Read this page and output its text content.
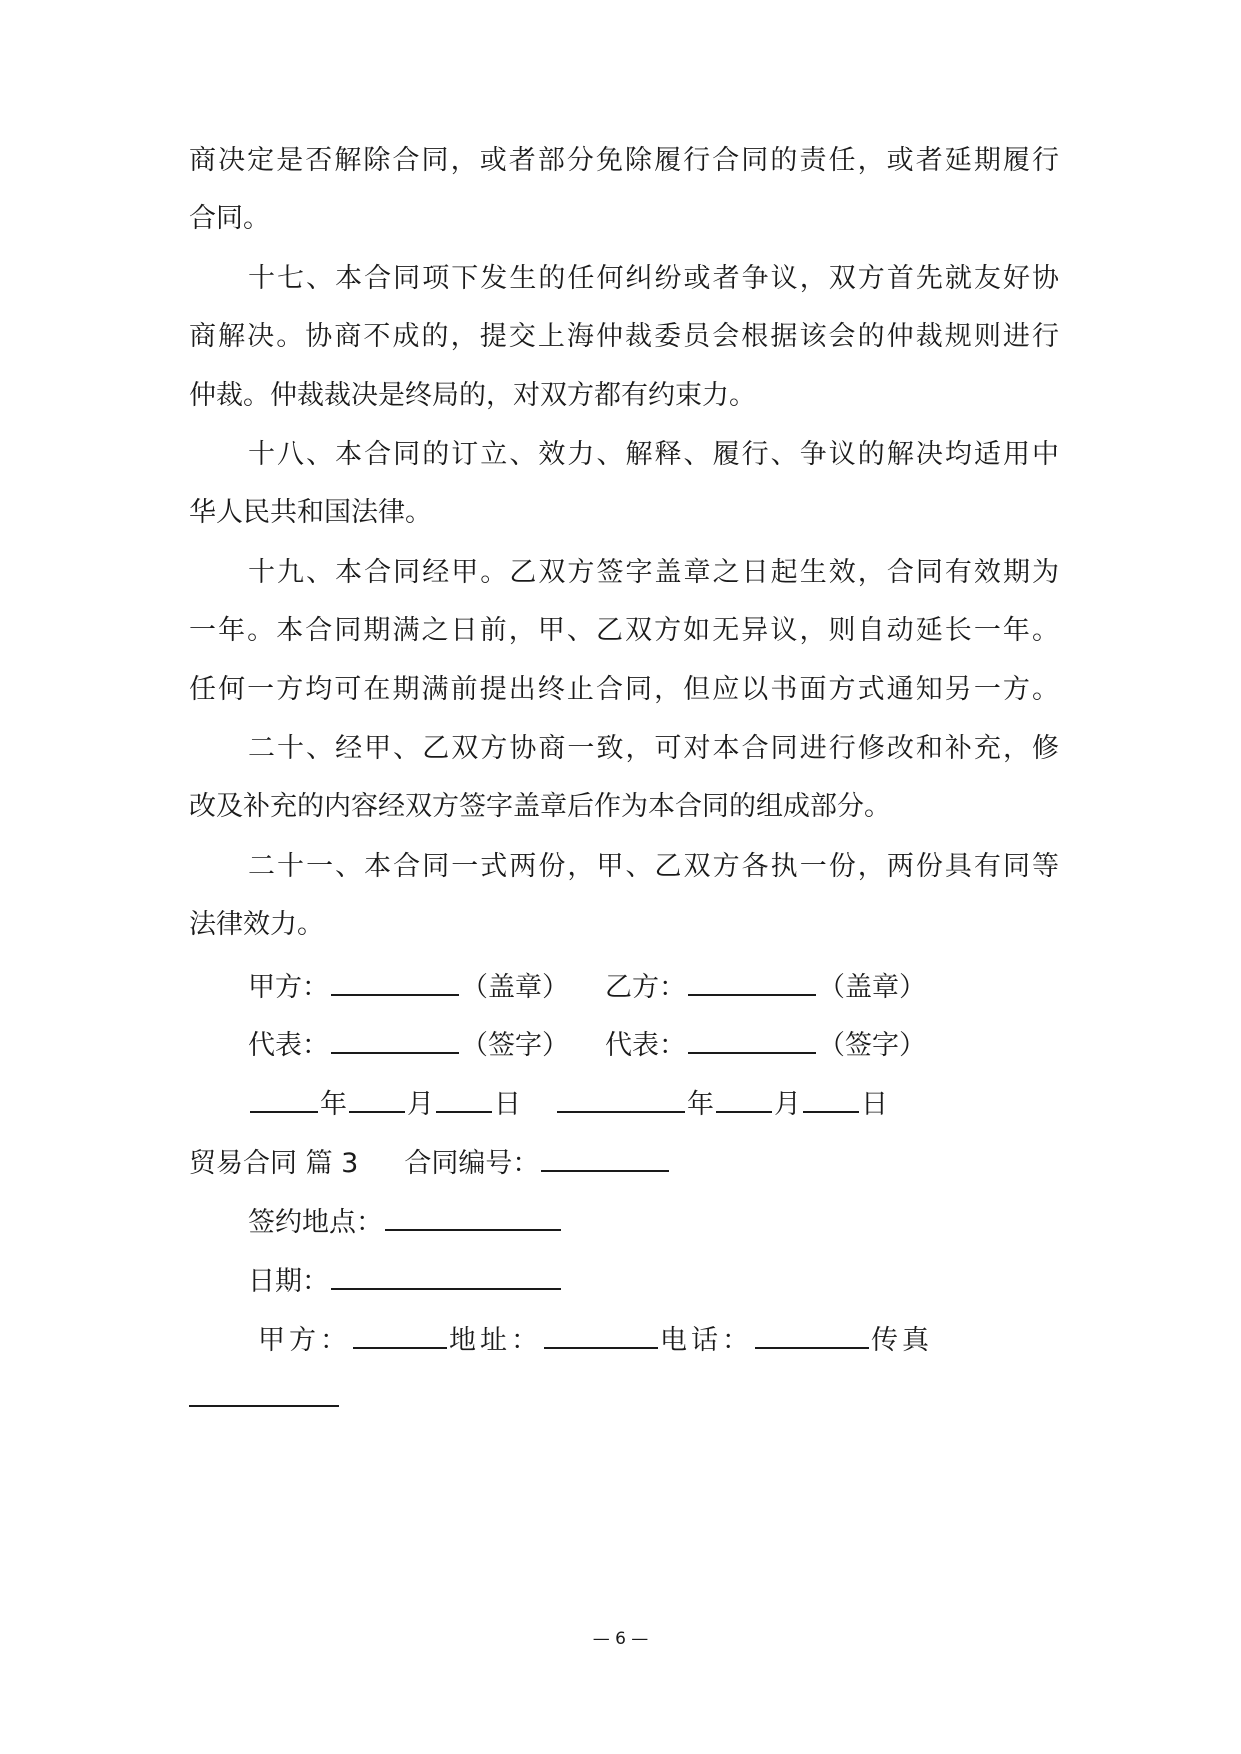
商决定是否解除合同，或者部分免除履行合同的责任，或者延期履行
合同。
十七、本合同项下发生的任何纠纷或者争议，双方首先就友好协
商解决。协商不成的，提交上海仲裁委员会根据该会的仲裁规则进行
仲裁。仲裁裁决是终局的，对双方都有约束力。
十八、本合同的订立、效力、解释、履行、争议的解决均适用中
华人民共和国法律。
十九、本合同经甲。乙双方签字盖章之日起生效，合同有效期为
一年。本合同期满之日前，甲、乙双方如无异议，则自动延长一年。
任何一方均可在期满前提出终止合同，但应以书面方式通知另一方。
二十、经甲、乙双方协商一致，可对本合同进行修改和补充，修
改及补充的内容经双方签字盖章后作为本合同的组成部分。
二十一、本合同一式两份，甲、乙双方各执一份，两份具有同等
法律效力。
甲方：	（盖章） 乙方：	（盖章）
代表：	（签字） 代表：	（签字）
年 月 日	年 月 日
贸易合同 篇 3 合同编号：
签约地点：
日期：
甲方：	地址：	电话：	传真
— 6 —
